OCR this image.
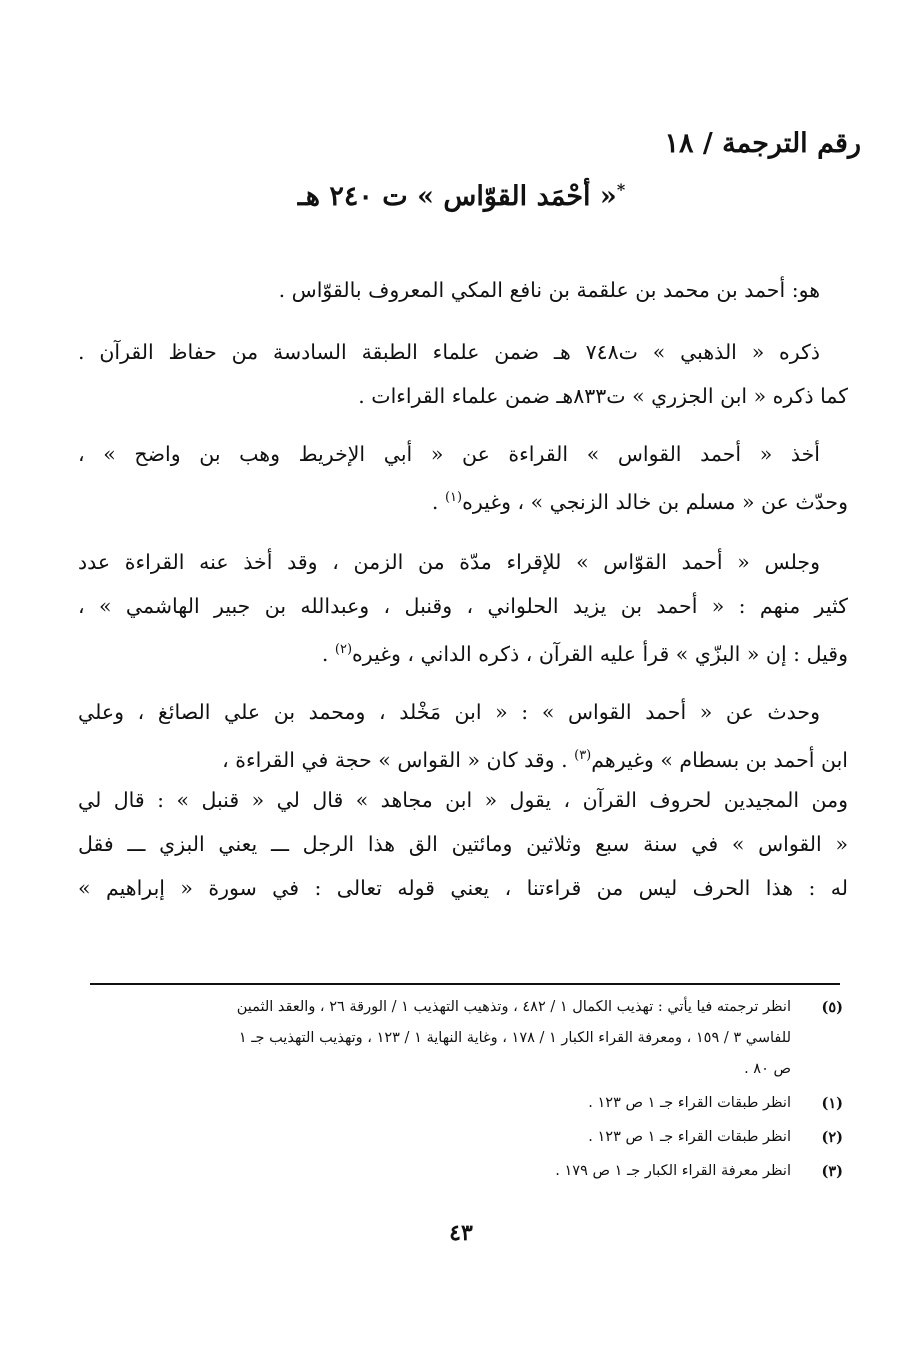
رقم الترجمة / ١٨
« أحْمَد القوّاس » ت ٢٤٠ هـ*
هو: أحمد بن محمد بن علقمة بن نافع المكي المعروف بالقوّاس .
ذكره « الذهبي » ت٧٤٨ هـ ضمن علماء الطبقة السادسة من حفاظ القرآن .
كما ذكره « ابن الجزري » ت٨٣٣هـ ضمن علماء القراءات .
أخذ « أحمد القواس » القراءة عن « أبي الإخريط وهب بن واضح » ،
وحدّث عن « مسلم بن خالد الزنجي » ، وغيره$^{(١)}$ .
وجلس « أحمد القوّاس » للإقراء مدّة من الزمن ، وقد أخذ عنه القراءة عدد
كثير منهم : « أحمد بن يزيد الحلواني ، وقنبل ، وعبدالله بن جبير الهاشمي » ،
وقيل : إن « البزّي » قرأ عليه القرآن ، ذكره الداني ، وغيره$^{(٢)}$ .
وحدث عن « أحمد القواس » : « ابن مَخْلد ، ومحمد بن علي الصائغ ، وعلي
ابن أحمد بن بسطام » وغيرهم$^{(٣)}$ . وقد كان « القواس » حجة في القراءة ،
ومن المجيدين لحروف القرآن ، يقول « ابن مجاهد » قال لي « قنبل » : قال لي
« القواس » في سنة سبع وثلاثين ومائتين الق هذا الرجل ـــ يعني البزي ـــ فقل
له : هذا الحرف ليس من قراءتنا ، يعني قوله تعالى : في سورة « إبراهيم »
(٥)
انظر ترجمته فيا يأتي : تهذيب الكمال ١ / ٤٨٢ ، وتذهيب التهذيب ١ / الورقة ٢٦ ، والعقد الثمين
للفاسي ٣ / ١٥٩ ، ومعرفة القراء الكبار ١ / ١٧٨ ، وغاية النهاية ١ / ١٢٣ ، وتهذيب التهذيب جـ ١
ص ٨٠ .
(١)
انظر طبقات القراء جـ ١ ص ١٢٣ .
(٢)
انظر طبقات القراء جـ ١ ص ١٢٣ .
(٣)
انظر معرفة القراء الكبار جـ ١ ص ١٧٩ .
٤٣
